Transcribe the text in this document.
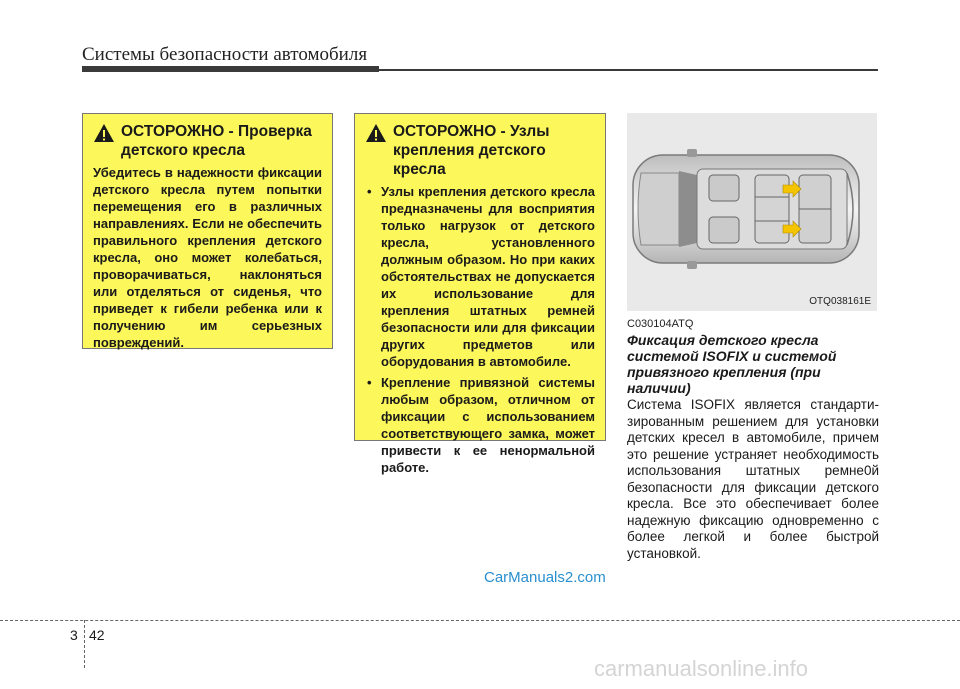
Системы безопасности автомобиля
ОСТОРОЖНО - Проверка детского кресла

Убедитесь в надежности фиксации детского кресла путем попытки перемещения его в различных направлениях. Если не обеспечить правильного крепления детского кресла, оно может колебаться, проворачиваться, наклоняться или отделяться от сиденья, что приведет к гибели ребенка или к получению им серьезных повреждений.

ОСТОРОЖНО - Узлы крепления детского кресла
• Узлы крепления детского кресла предназначены для восприятия только нагрузок от детского кресла, установленного должным образом. Но при каких обстоятельствах не допускается их использование для крепления штатных ремней безопасности или для фиксации других предметов или оборудования в автомобиле.
• Крепление привязной системы любым образом, отличном от фиксации с использованием соответствующего замка, может привести к ее ненормальной работе.
OTQ038161E
C030104ATQ
Фиксация детского кресла системой ISOFIX и системой привязного крепления (при наличии)

Система ISOFIX является стандартизированным решением для установки детских кресел в автомобиле, причем это решение устраняет необходимость использования штатных ремне0й безопасности для фиксации детского кресла. Все это обеспечивает более надежную фиксацию одновременно с более легкой и более быстрой установкой.

CarManuals2.com
3 42
carmanualsonline.info
